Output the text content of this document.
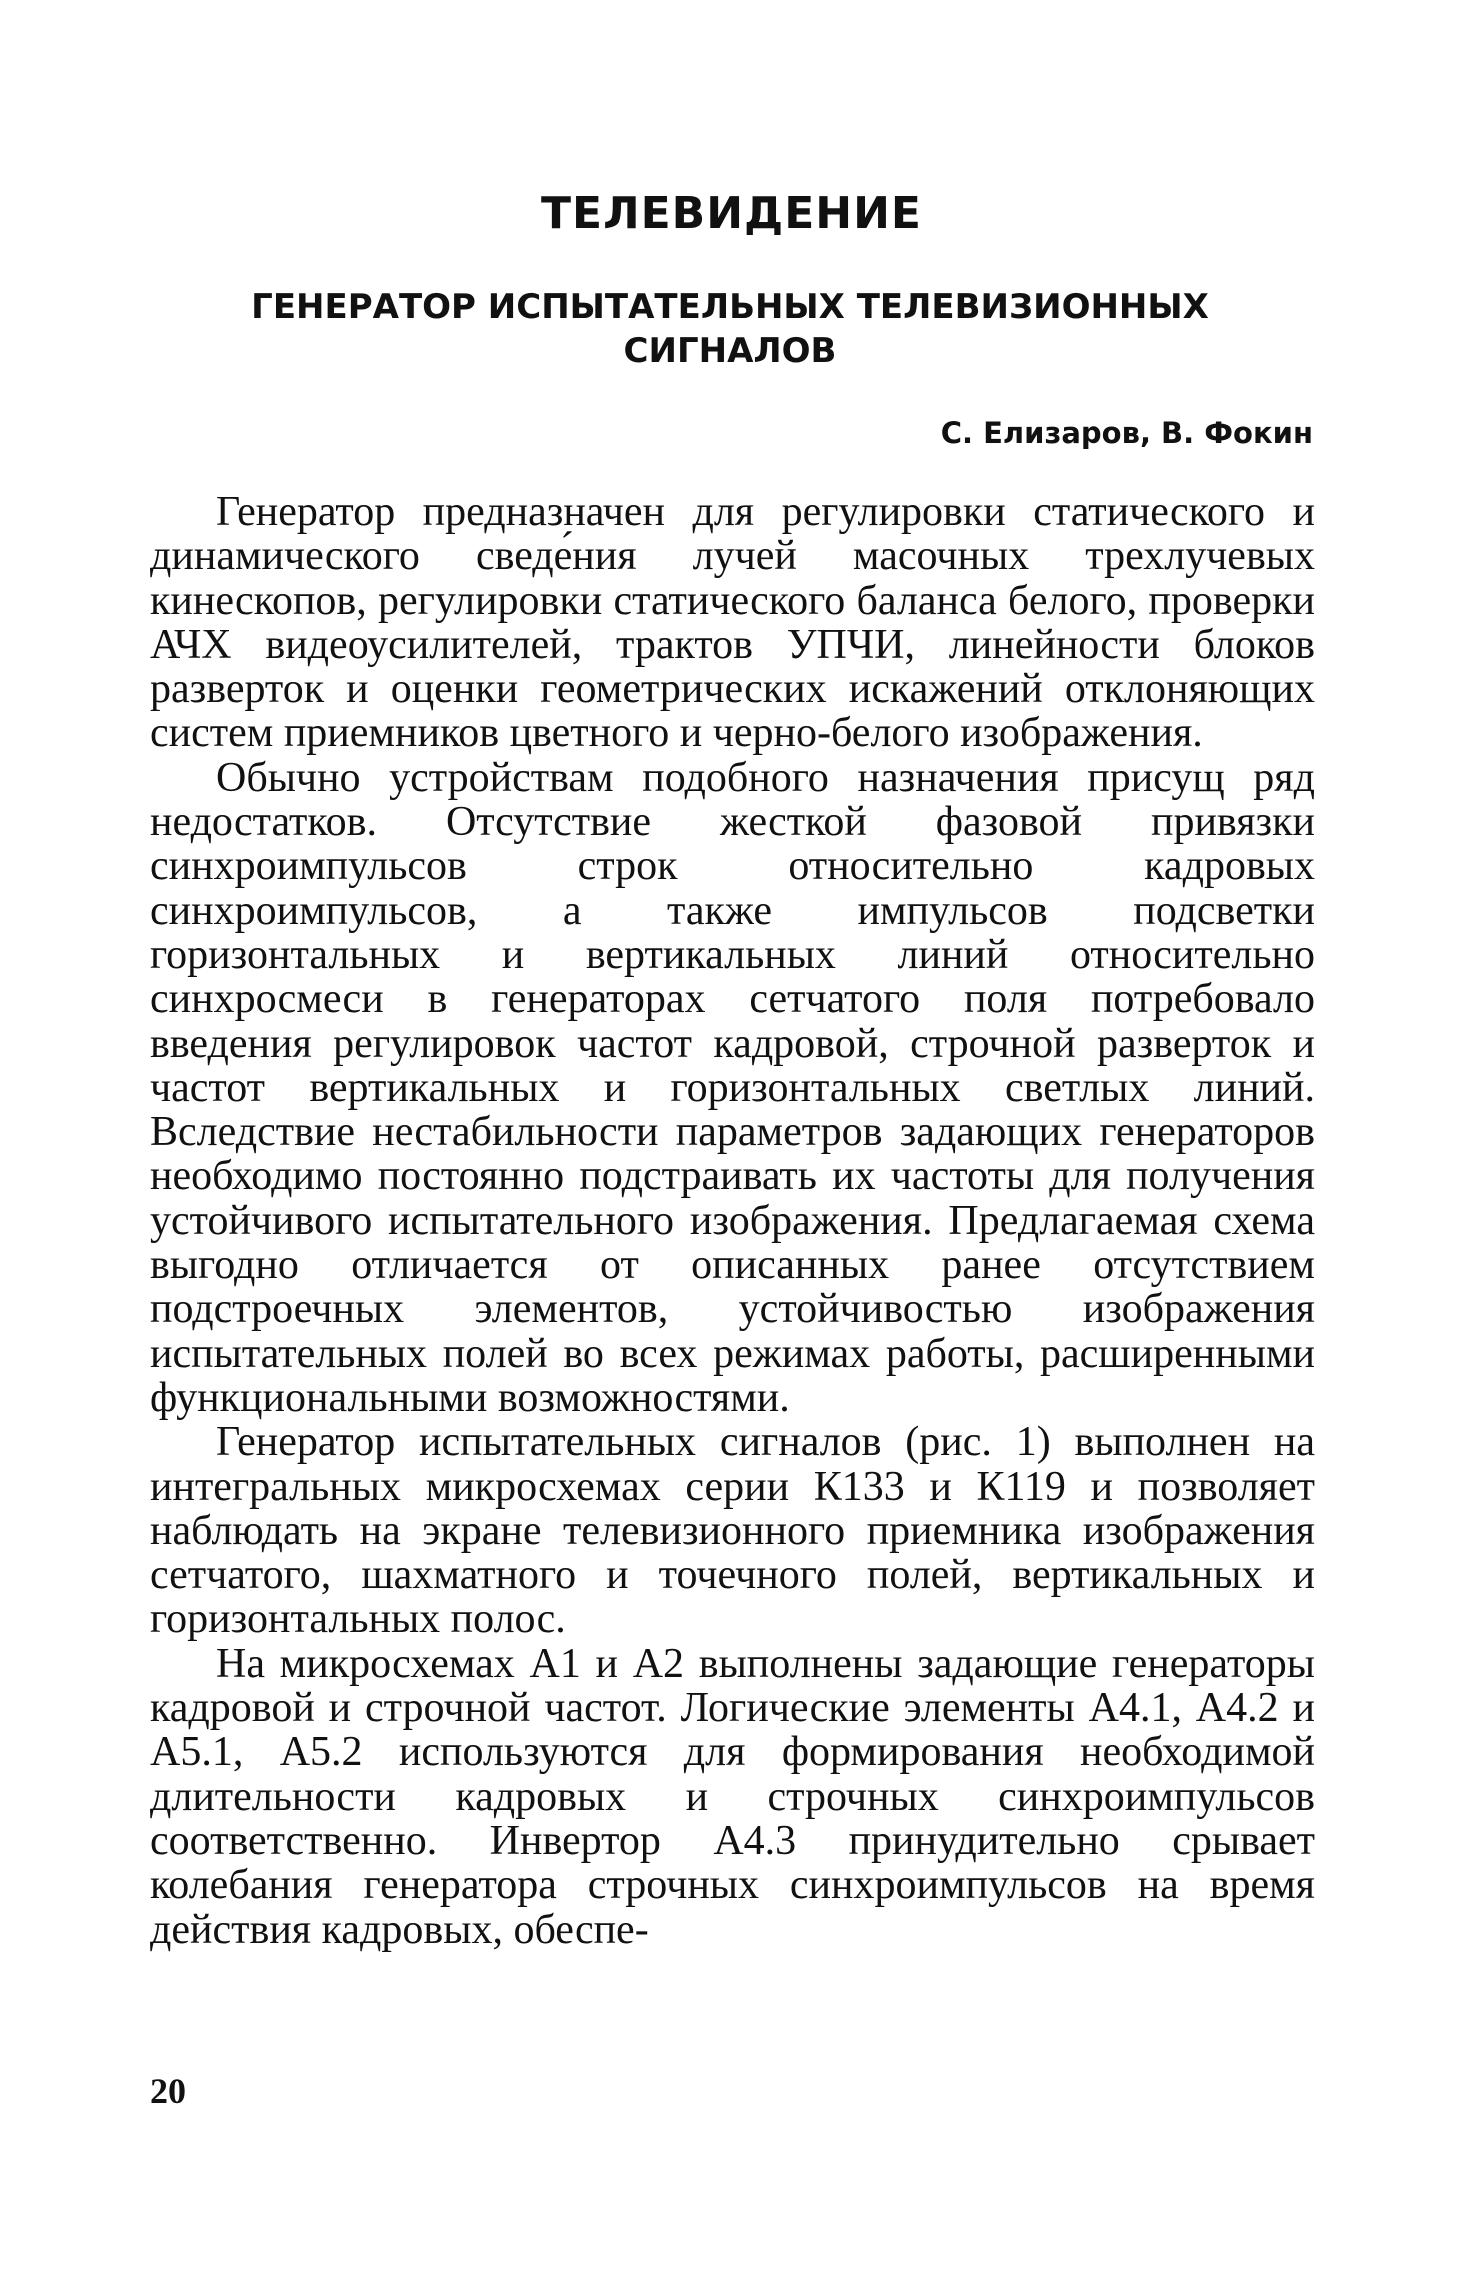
ТЕЛЕВИДЕНИЕ
ГЕНЕРАТОР ИСПЫТАТЕЛЬНЫХ ТЕЛЕВИЗИОННЫХ СИГНАЛОВ
С. Елизаров, В. Фокин

Генератор предназначен для регулировки статического и динамического сведе́ния лучей масочных трехлучевых кинескопов, регулировки статического баланса белого, проверки АЧХ видеоусилителей, трактов УПЧИ, линейности блоков разверток и оценки геометрических искажений отклоняющих систем приемников цветного и черно-белого изображения.

Обычно устройствам подобного назначения присущ ряд недостатков. Отсутствие жесткой фазовой привязки синхроимпульсов строк относительно кадровых синхроимпульсов, а также импульсов подсветки горизонтальных и вертикальных линий относительно синхросмеси в генераторах сетчатого поля потребовало введения регулировок частот кадровой, строчной разверток и частот вертикальных и горизонтальных светлых линий. Вследствие нестабильности параметров задающих генераторов необходимо постоянно подстраивать их частоты для получения устойчивого испытательного изображения. Предлагаемая схема выгодно отличается от описанных ранее отсутствием подстроечных элементов, устойчивостью изображения испытательных полей во всех режимах работы, расширенными функциональными возможностями.

Генератор испытательных сигналов (рис. 1) выполнен на интегральных микросхемах серии К133 и К119 и позволяет наблюдать на экране телевизионного приемника изображения сетчатого, шахматного и точечного полей, вертикальных и горизонтальных полос.

На микросхемах А1 и А2 выполнены задающие генераторы кадровой и строчной частот. Логические элементы А4.1, А4.2 и А5.1, А5.2 используются для формирования необходимой длительности кадровых и строчных синхроимпульсов соответственно. Инвертор А4.3 принудительно срывает колебания генератора строчных синхроимпульсов на время действия кадровых, обеспе-

20
